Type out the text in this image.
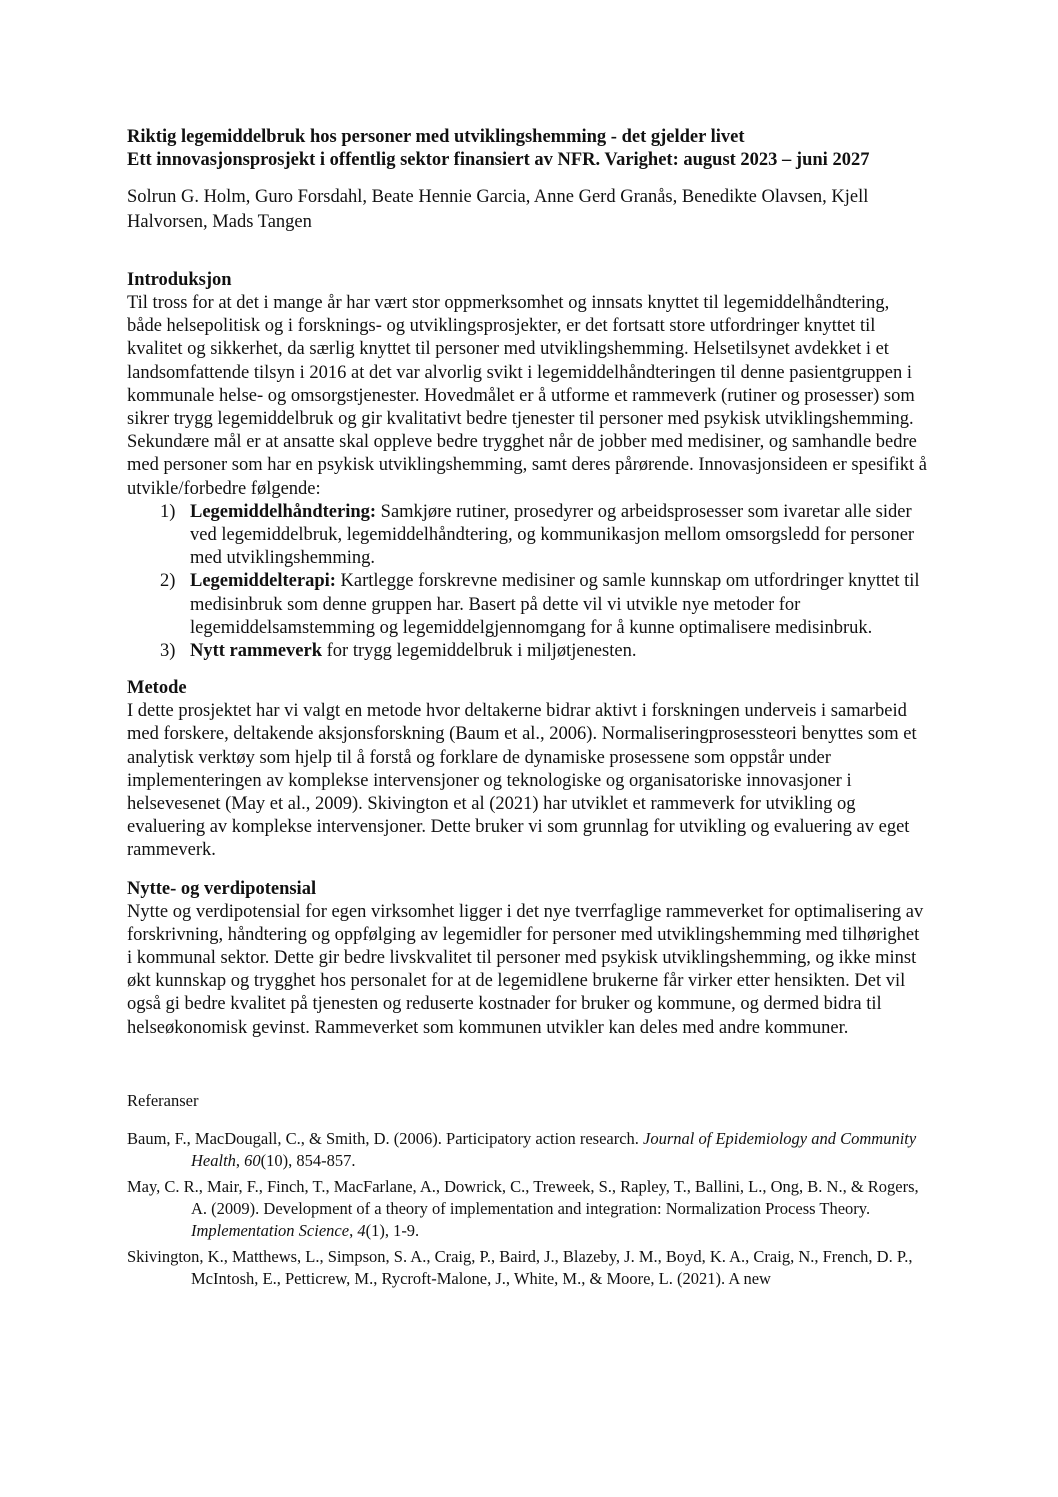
Riktig legemiddelbruk hos personer med utviklingshemming - det gjelder livet
Ett innovasjonsprosjekt i offentlig sektor finansiert av NFR. Varighet: august 2023 – juni 2027

Solrun G. Holm, Guro Forsdahl, Beate Hennie Garcia, Anne Gerd Granås, Benedikte Olavsen, Kjell Halvorsen, Mads Tangen

Introduksjon

Til tross for at det i mange år har vært stor oppmerksomhet og innsats knyttet til legemiddelhåndtering, både helsepolitisk og i forsknings- og utviklingsprosjekter, er det fortsatt store utfordringer knyttet til kvalitet og sikkerhet, da særlig knyttet til personer med utviklingshemming. Helsetilsynet avdekket i et landsomfattende tilsyn i 2016 at det var alvorlig svikt i legemiddelhåndteringen til denne pasientgruppen i kommunale helse- og omsorgstjenester. Hovedmålet er å utforme et rammeverk (rutiner og prosesser) som sikrer trygg legemiddelbruk og gir kvalitativt bedre tjenester til personer med psykisk utviklingshemming. Sekundære mål er at ansatte skal oppleve bedre trygghet når de jobber med medisiner, og samhandle bedre med personer som har en psykisk utviklingshemming, samt deres pårørende. Innovasjonsideen er spesifikt å utvikle/forbedre følgende:

1) Legemiddelhåndtering: Samkjøre rutiner, prosedyrer og arbeidsprosesser som ivaretar alle sider ved legemiddelbruk, legemiddelhåndtering, og kommunikasjon mellom omsorgsledd for personer med utviklingshemming.
2) Legemiddelterapi: Kartlegge forskrevne medisiner og samle kunnskap om utfordringer knyttet til medisinbruk som denne gruppen har. Basert på dette vil vi utvikle nye metoder for legemiddelsamstemming og legemiddelgjennomgang for å kunne optimalisere medisinbruk.
3) Nytt rammeverk for trygg legemiddelbruk i miljøtjenesten.
Metode

I dette prosjektet har vi valgt en metode hvor deltakerne bidrar aktivt i forskningen underveis i samarbeid med forskere, deltakende aksjonsforskning (Baum et al., 2006). Normaliseringprosessteori benyttes som et analytisk verktøy som hjelp til å forstå og forklare de dynamiske prosessene som oppstår under implementeringen av komplekse intervensjoner og teknologiske og organisatoriske innovasjoner i helsevesenet (May et al., 2009). Skivington et al (2021) har utviklet et rammeverk for utvikling og evaluering av komplekse intervensjoner. Dette bruker vi som grunnlag for utvikling og evaluering av eget rammeverk.

Nytte- og verdipotensial

Nytte og verdipotensial for egen virksomhet ligger i det nye tverrfaglige rammeverket for optimalisering av forskrivning, håndtering og oppfølging av legemidler for personer med utviklingshemming med tilhørighet i kommunal sektor. Dette gir bedre livskvalitet til personer med psykisk utviklingshemming, og ikke minst økt kunnskap og trygghet hos personalet for at de legemidlene brukerne får virker etter hensikten. Det vil også gi bedre kvalitet på tjenesten og reduserte kostnader for bruker og kommune, og dermed bidra til helseøkonomisk gevinst. Rammeverket som kommunen utvikler kan deles med andre kommuner.

Referanser

Baum, F., MacDougall, C., & Smith, D. (2006). Participatory action research. Journal of Epidemiology and Community Health, 60(10), 854-857.

May, C. R., Mair, F., Finch, T., MacFarlane, A., Dowrick, C., Treweek, S., Rapley, T., Ballini, L., Ong, B. N., & Rogers, A. (2009). Development of a theory of implementation and integration: Normalization Process Theory. Implementation Science, 4(1), 1-9.

Skivington, K., Matthews, L., Simpson, S. A., Craig, P., Baird, J., Blazeby, J. M., Boyd, K. A., Craig, N., French, D. P., McIntosh, E., Petticrew, M., Rycroft-Malone, J., White, M., & Moore, L. (2021). A new
